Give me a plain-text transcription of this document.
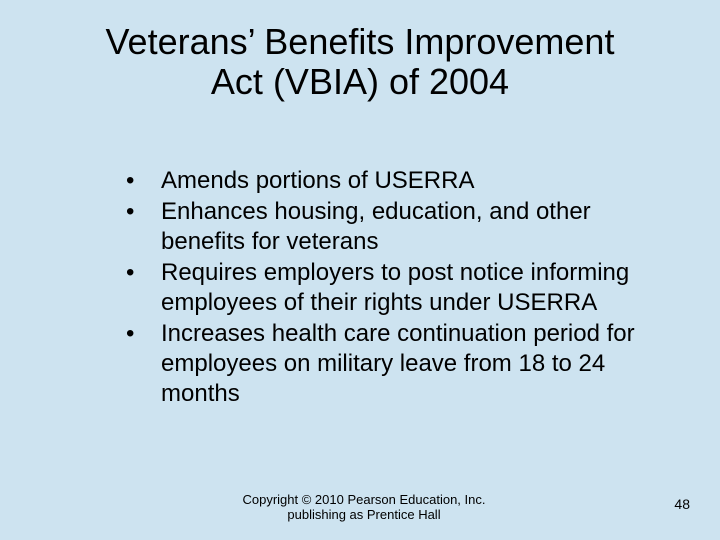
Veterans’ Benefits Improvement
Act (VBIA) of 2004
• Amends portions of USERRA
• Enhances housing, education, and other benefits for veterans
• Requires employers to post notice informing employees of their rights under USERRA
• Increases health care continuation period for employees on military leave from 18 to 24 months
Copyright © 2010 Pearson Education, Inc.
publishing as Prentice Hall
48
